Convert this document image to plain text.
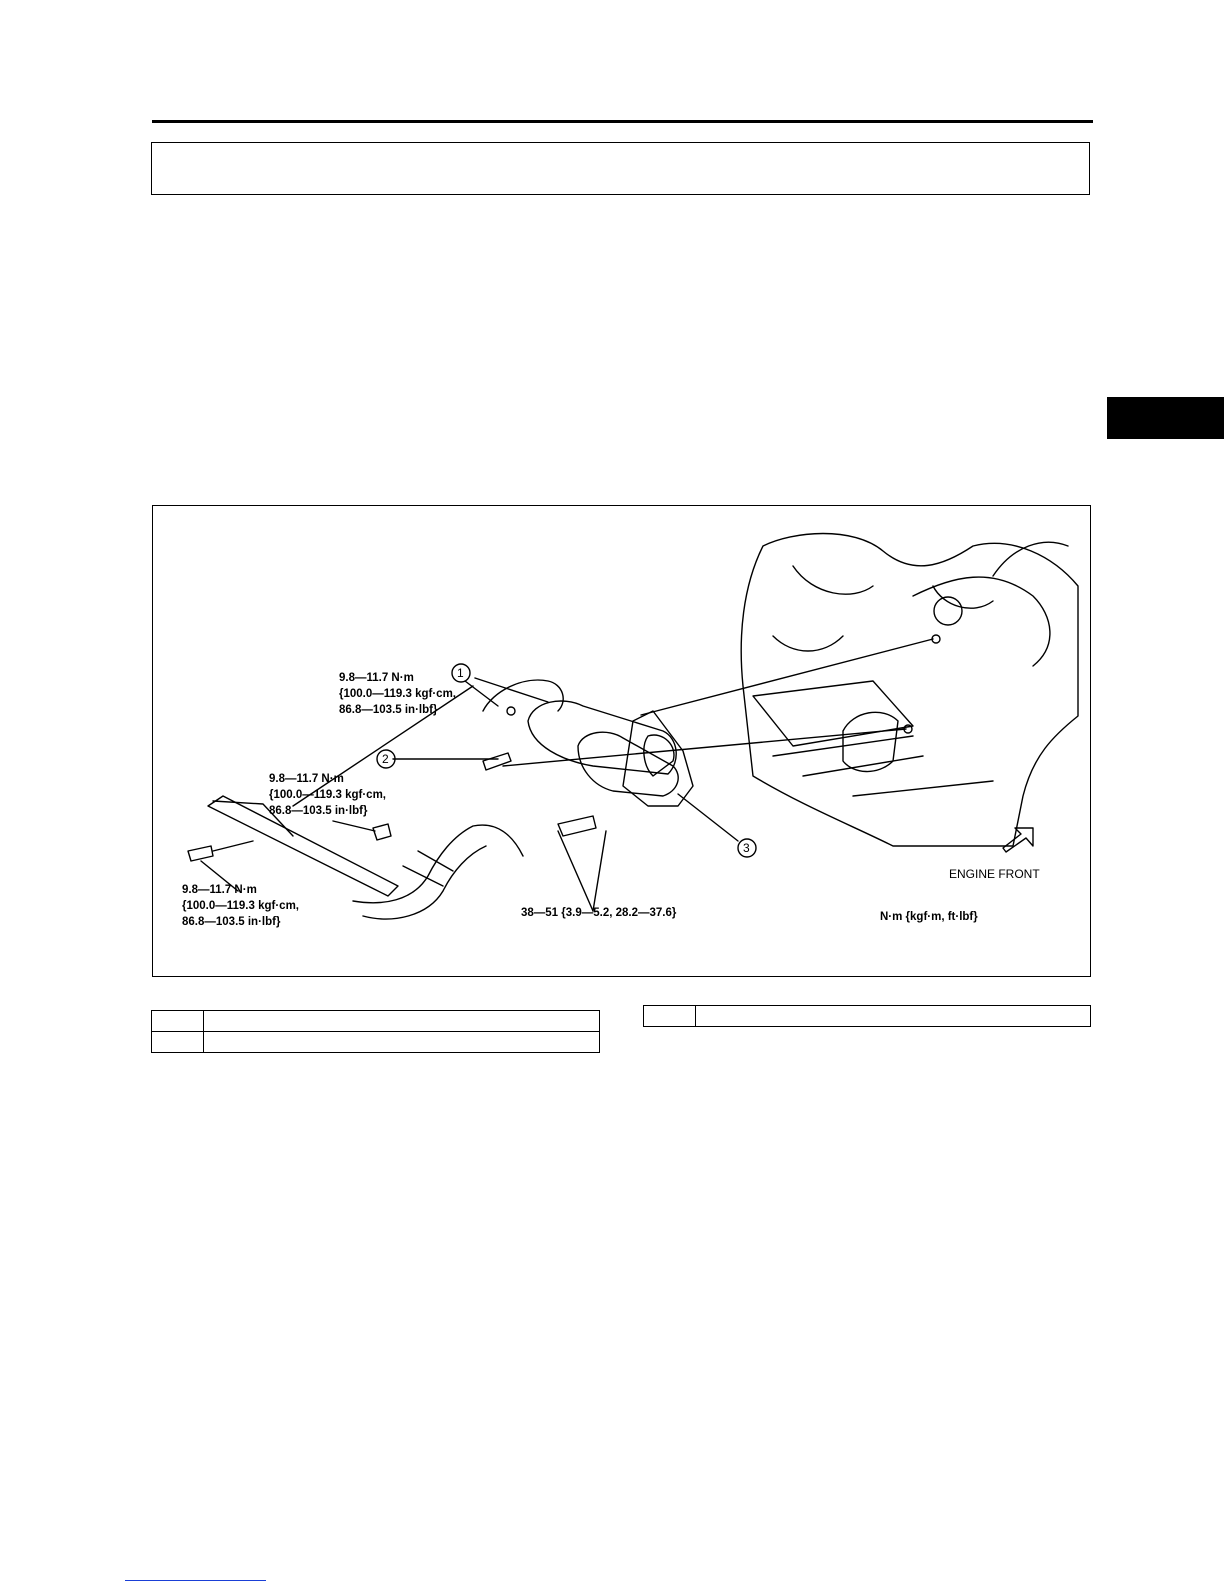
9.8—11.7 N·m
{100.0—119.3 kgf·cm,
86.8—103.5 in·lbf}
9.8—11.7 N·m
{100.0—119.3 kgf·cm,
86.8—103.5 in·lbf}
9.8—11.7 N·m
{100.0—119.3 kgf·cm,
86.8—103.5 in·lbf}
38—51 {3.9—5.2, 28.2—37.6}	N·m {kgf·m, ft·lbf}
ENGINE FRONT
1
2
3
